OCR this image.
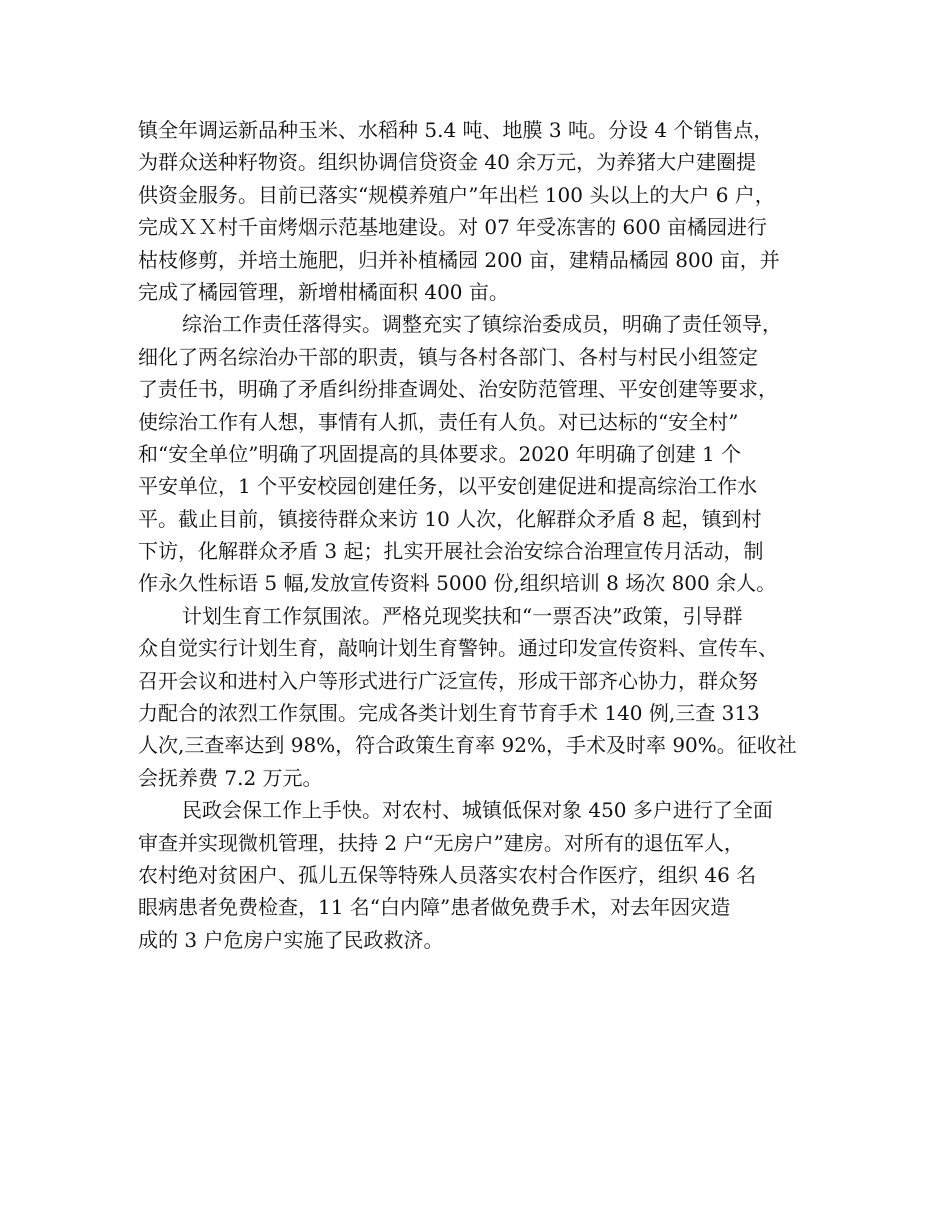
镇全年调运新品种玉米、水稻种 5.4 吨、地膜 3 吨。分设 4 个销售点，
为群众送种籽物资。组织协调信贷资金 40 余万元，为养猪大户建圈提
供资金服务。目前已落实“规模养殖户”年出栏 100 头以上的大户 6 户，
完成ＸＸ村千亩烤烟示范基地建设。对 07 年受冻害的 600 亩橘园进行
枯枝修剪，并培土施肥，归并补植橘园 200 亩，建精品橘园 800 亩，并
完成了橘园管理，新增柑橘面积 400 亩。
综治工作责任落得实。调整充实了镇综治委成员，明确了责任领导，
细化了两名综治办干部的职责，镇与各村各部门、各村与村民小组签定
了责任书，明确了矛盾纠纷排查调处、治安防范管理、平安创建等要求，
使综治工作有人想，事情有人抓，责任有人负。对已达标的“安全村”
和“安全单位”明确了巩固提高的具体要求。2020 年明确了创建 1 个
平安单位，1 个平安校园创建任务，以平安创建促进和提高综治工作水
平。截止目前，镇接待群众来访 10 人次，化解群众矛盾 8 起，镇到村
下访，化解群众矛盾 3 起；扎实开展社会治安综合治理宣传月活动，制
作永久性标语 5 幅,发放宣传资料 5000 份,组织培训 8 场次 800 余人。
计划生育工作氛围浓。严格兑现奖扶和“一票否决”政策，引导群
众自觉实行计划生育，敲响计划生育警钟。通过印发宣传资料、宣传车、
召开会议和进村入户等形式进行广泛宣传，形成干部齐心协力，群众努
力配合的浓烈工作氛围。完成各类计划生育节育手术 140 例,三查 313
人次,三查率达到 98%，符合政策生育率 92%，手术及时率 90%。征收社
会抚养费 7.2 万元。
民政会保工作上手快。对农村、城镇低保对象 450 多户进行了全面
审查并实现微机管理，扶持 2 户“无房户”建房。对所有的退伍军人，
农村绝对贫困户、孤儿五保等特殊人员落实农村合作医疗，组织 46 名
眼病患者免费检查，11 名“白内障”患者做免费手术，对去年因灾造
成的 3 户危房户实施了民政救济。
